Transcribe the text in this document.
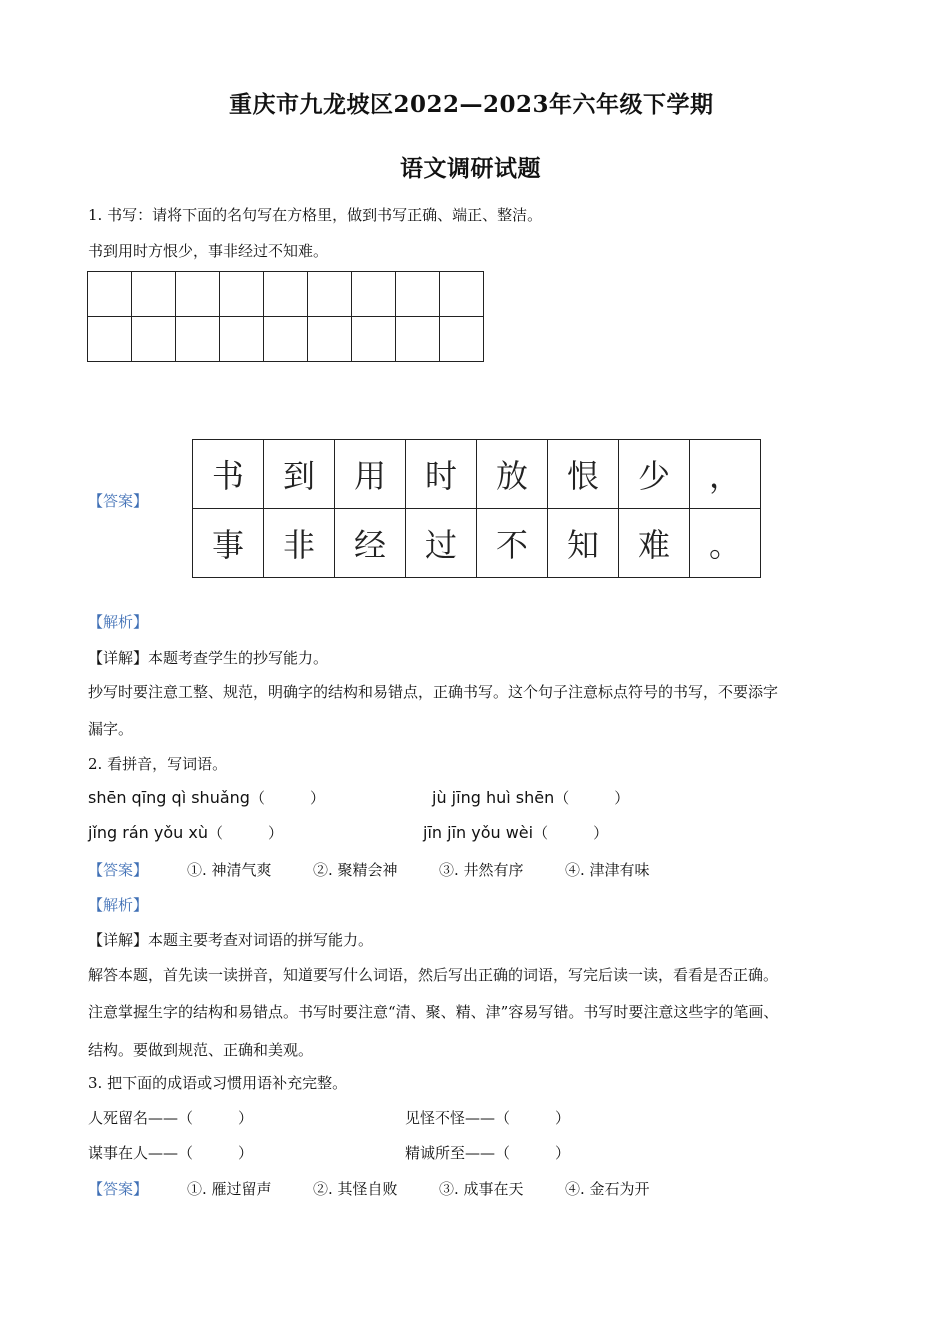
重庆市九龙坡区2022—2023年六年级下学期
语文调研试题
1. 书写：请将下面的名句写在方格里，做到书写正确、端正、整洁。
书到用时方恨少，事非经过不知难。

【答案】
书	到	用	时	放	恨	少	，
事	非	经	过	不	知	难	。
【解析】
【详解】本题考查学生的抄写能力。
抄写时要注意工整、规范，明确字的结构和易错点，正确书写。这个句子注意标点符号的书写，不要添字
漏字。
2. 看拼音，写词语。
shēn qīng qì shuǎng（　　　）	jù jīng huì shēn（　　　）
jǐng rán yǒu xù（　　　）	jīn jīn yǒu wèi（　　　）
【答案】	①. 神清气爽	②. 聚精会神	③. 井然有序	④. 津津有味
【解析】
【详解】本题主要考查对词语的拼写能力。
解答本题，首先读一读拼音，知道要写什么词语，然后写出正确的词语，写完后读一读，看看是否正确。
注意掌握生字的结构和易错点。书写时要注意“清、聚、精、津”容易写错。书写时要注意这些字的笔画、
结构。要做到规范、正确和美观。
3. 把下面的成语或习惯用语补充完整。
人死留名——（　　　）	见怪不怪——（　　　）
谋事在人——（　　　）	精诚所至——（　　　）
【答案】	①. 雁过留声	②. 其怪自败	③. 成事在天	④. 金石为开
